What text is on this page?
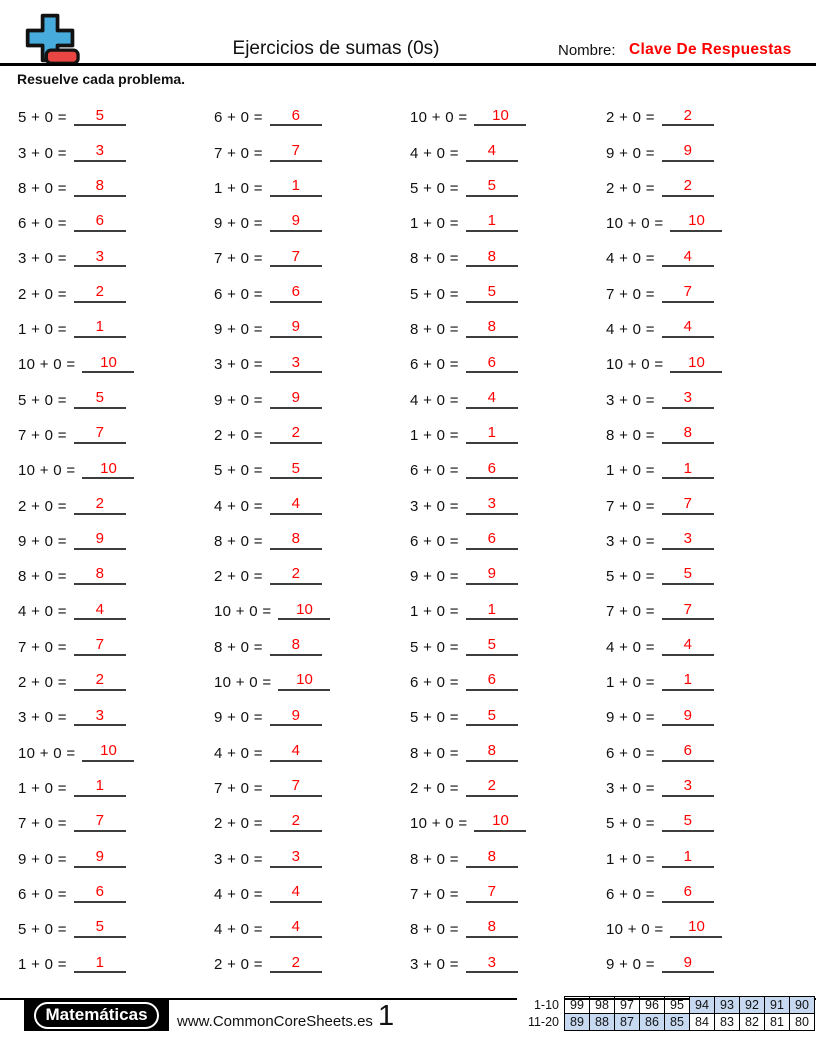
Ejercicios de sumas (0s)	Nombre: Clave De Respuestas
Resuelve cada problema.
5 + 0 =	5	6 + 0 =	6	10 + 0 =	10	2 + 0 =	2
3 + 0 =	3	7 + 0 =	7	4 + 0 =	4	9 + 0 =	9
8 + 0 =	8	1 + 0 =	1	5 + 0 =	5	2 + 0 =	2
6 + 0 =	6	9 + 0 =	9	1 + 0 =	1	10 + 0 =	10
3 + 0 =	3	7 + 0 =	7	8 + 0 =	8	4 + 0 =	4
2 + 0 =	2	6 + 0 =	6	5 + 0 =	5	7 + 0 =	7
1 + 0 =	1	9 + 0 =	9	8 + 0 =	8	4 + 0 =	4
10 + 0 =	10	3 + 0 =	3	6 + 0 =	6	10 + 0 =	10
5 + 0 =	5	9 + 0 =	9	4 + 0 =	4	3 + 0 =	3
7 + 0 =	7	2 + 0 =	2	1 + 0 =	1	8 + 0 =	8
10 + 0 =	10	5 + 0 =	5	6 + 0 =	6	1 + 0 =	1
2 + 0 =	2	4 + 0 =	4	3 + 0 =	3	7 + 0 =	7
9 + 0 =	9	8 + 0 =	8	6 + 0 =	6	3 + 0 =	3
8 + 0 =	8	2 + 0 =	2	9 + 0 =	9	5 + 0 =	5
4 + 0 =	4	10 + 0 =	10	1 + 0 =	1	7 + 0 =	7
7 + 0 =	7	8 + 0 =	8	5 + 0 =	5	4 + 0 =	4
2 + 0 =	2	10 + 0 =	10	6 + 0 =	6	1 + 0 =	1
3 + 0 =	3	9 + 0 =	9	5 + 0 =	5	9 + 0 =	9
10 + 0 =	10	4 + 0 =	4	8 + 0 =	8	6 + 0 =	6
1 + 0 =	1	7 + 0 =	7	2 + 0 =	2	3 + 0 =	3
7 + 0 =	7	2 + 0 =	2	10 + 0 =	10	5 + 0 =	5
9 + 0 =	9	3 + 0 =	3	8 + 0 =	8	1 + 0 =	1
6 + 0 =	6	4 + 0 =	4	7 + 0 =	7	6 + 0 =	6
5 + 0 =	5	4 + 0 =	4	8 + 0 =	8	10 + 0 =	10
1 + 0 =	1	2 + 0 =	2	3 + 0 =	3	9 + 0 =	9
Matemáticas	www.CommonCoreSheets.es 1	1-10	99	98	97	96	95	94	93	92	91	90
11-20	89	88	87	86	85	84	83	82	81	80
